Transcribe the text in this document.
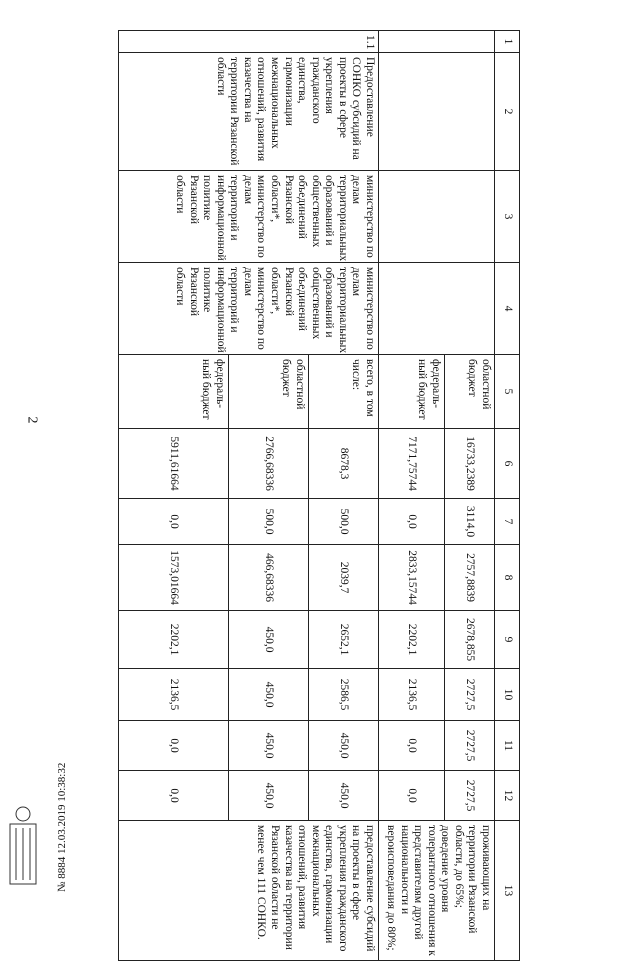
2
1	2	3	4	5	6	7	8	9	10	11	12	13
				областной бюджет	16733,2389	3114,0	2757,8839	2678,855	2727,5	2727,5	2727,5	проживающих на территории Рязанской области, до 65%; доведение уровня толерантного отношения к представителям другой национальности и вероисповедания до 80%;
				федераль-ный бюджет	7171,75744	0,0	2833,15744	2202,1	2136,5	0,0	0,0	
1.1	Предоставление СОНКО субсидий на проекты в сфере укрепления гражданского единства, гармонизации межнациональных отношений, развития казачества на территории Рязанской области	министерство по делам территориальных образований и общественных объединений Рязанской области*, министерство по делам территорий и информационной политике Рязанской области	министерство по делам территориальных образований и общественных объединений Рязанской области*, министерство по делам территорий и информационной политике Рязанской области	всего, в том числе:	8678,3	500,0	2039,7	2652,1	2586,5	450,0	450,0	предоставление субсидий на проекты в сфере укрепления гражданского единства, гармонизации межнациональных отношений, развития казачества на территории Рязанской области не менее чем 111 СОНКО.
				областной бюджет	2766,68336	500,0	466,68336	450,0	450,0	450,0	450,0	
				федераль-ный бюджет	5911,61664	0,0	1573,01664	2202,1	2136,5	0,0	0,0	
№ 8884 12.03.2019 10:38:32
